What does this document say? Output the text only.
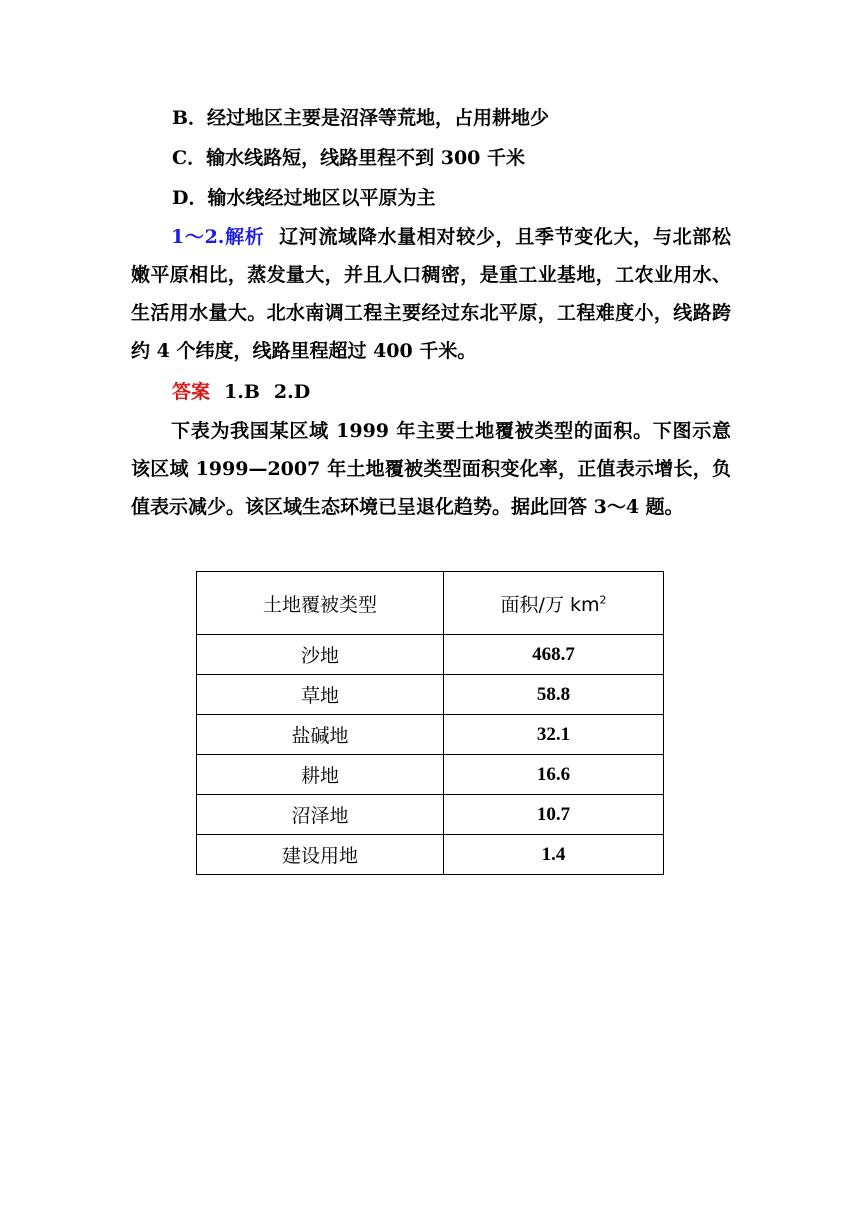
B．经过地区主要是沼泽等荒地，占用耕地少
C．输水线路短，线路里程不到 300 千米
D．输水线经过地区以平原为主
1～2.解析 辽河流域降水量相对较少，且季节变化大，与北部松嫩平原相比，蒸发量大，并且人口稠密，是重工业基地，工农业用水、生活用水量大。北水南调工程主要经过东北平原，工程难度小，线路跨约 4 个纬度，线路里程超过 400 千米。
答案 1.B 2.D
下表为我国某区域 1999 年主要土地覆被类型的面积。下图示意该区域 1999—2007 年土地覆被类型面积变化率，正值表示增长，负值表示减少。该区域生态环境已呈退化趋势。据此回答 3～4 题。
土地覆被类型	面积/万 $km^2$
沙地	468.7
草地	58.8
盐碱地	32.1
耕地	16.6
沼泽地	10.7
建设用地	1.4
